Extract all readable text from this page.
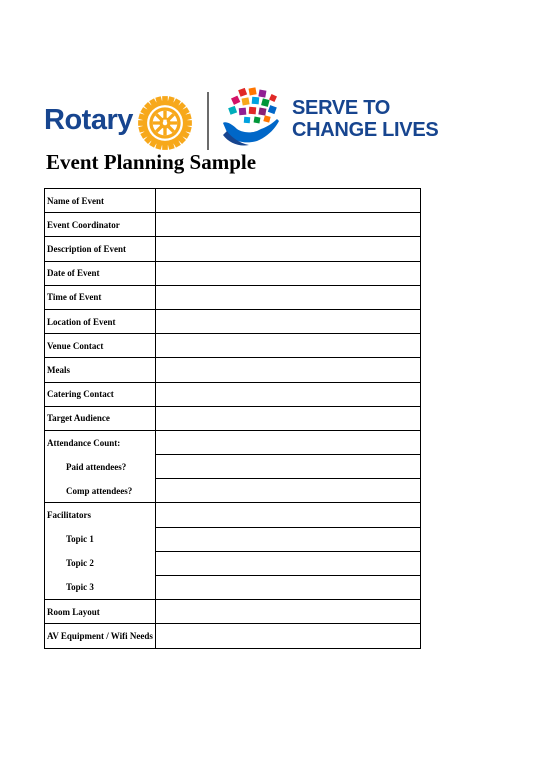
Rotary	SERVE TO
CHANGE LIVES
Event Planning Sample
Name of Event	
Event Coordinator	
Description of Event	
Date of Event	
Time of Event	
Location of Event	
Venue Contact	
Meals	
Catering Contact	
Target Audience	
Attendance Count:	
Paid attendees?	
Comp attendees?	
Facilitators	
Topic 1	
Topic 2	
Topic 3	
Room Layout	
AV Equipment / Wifi Needs	
